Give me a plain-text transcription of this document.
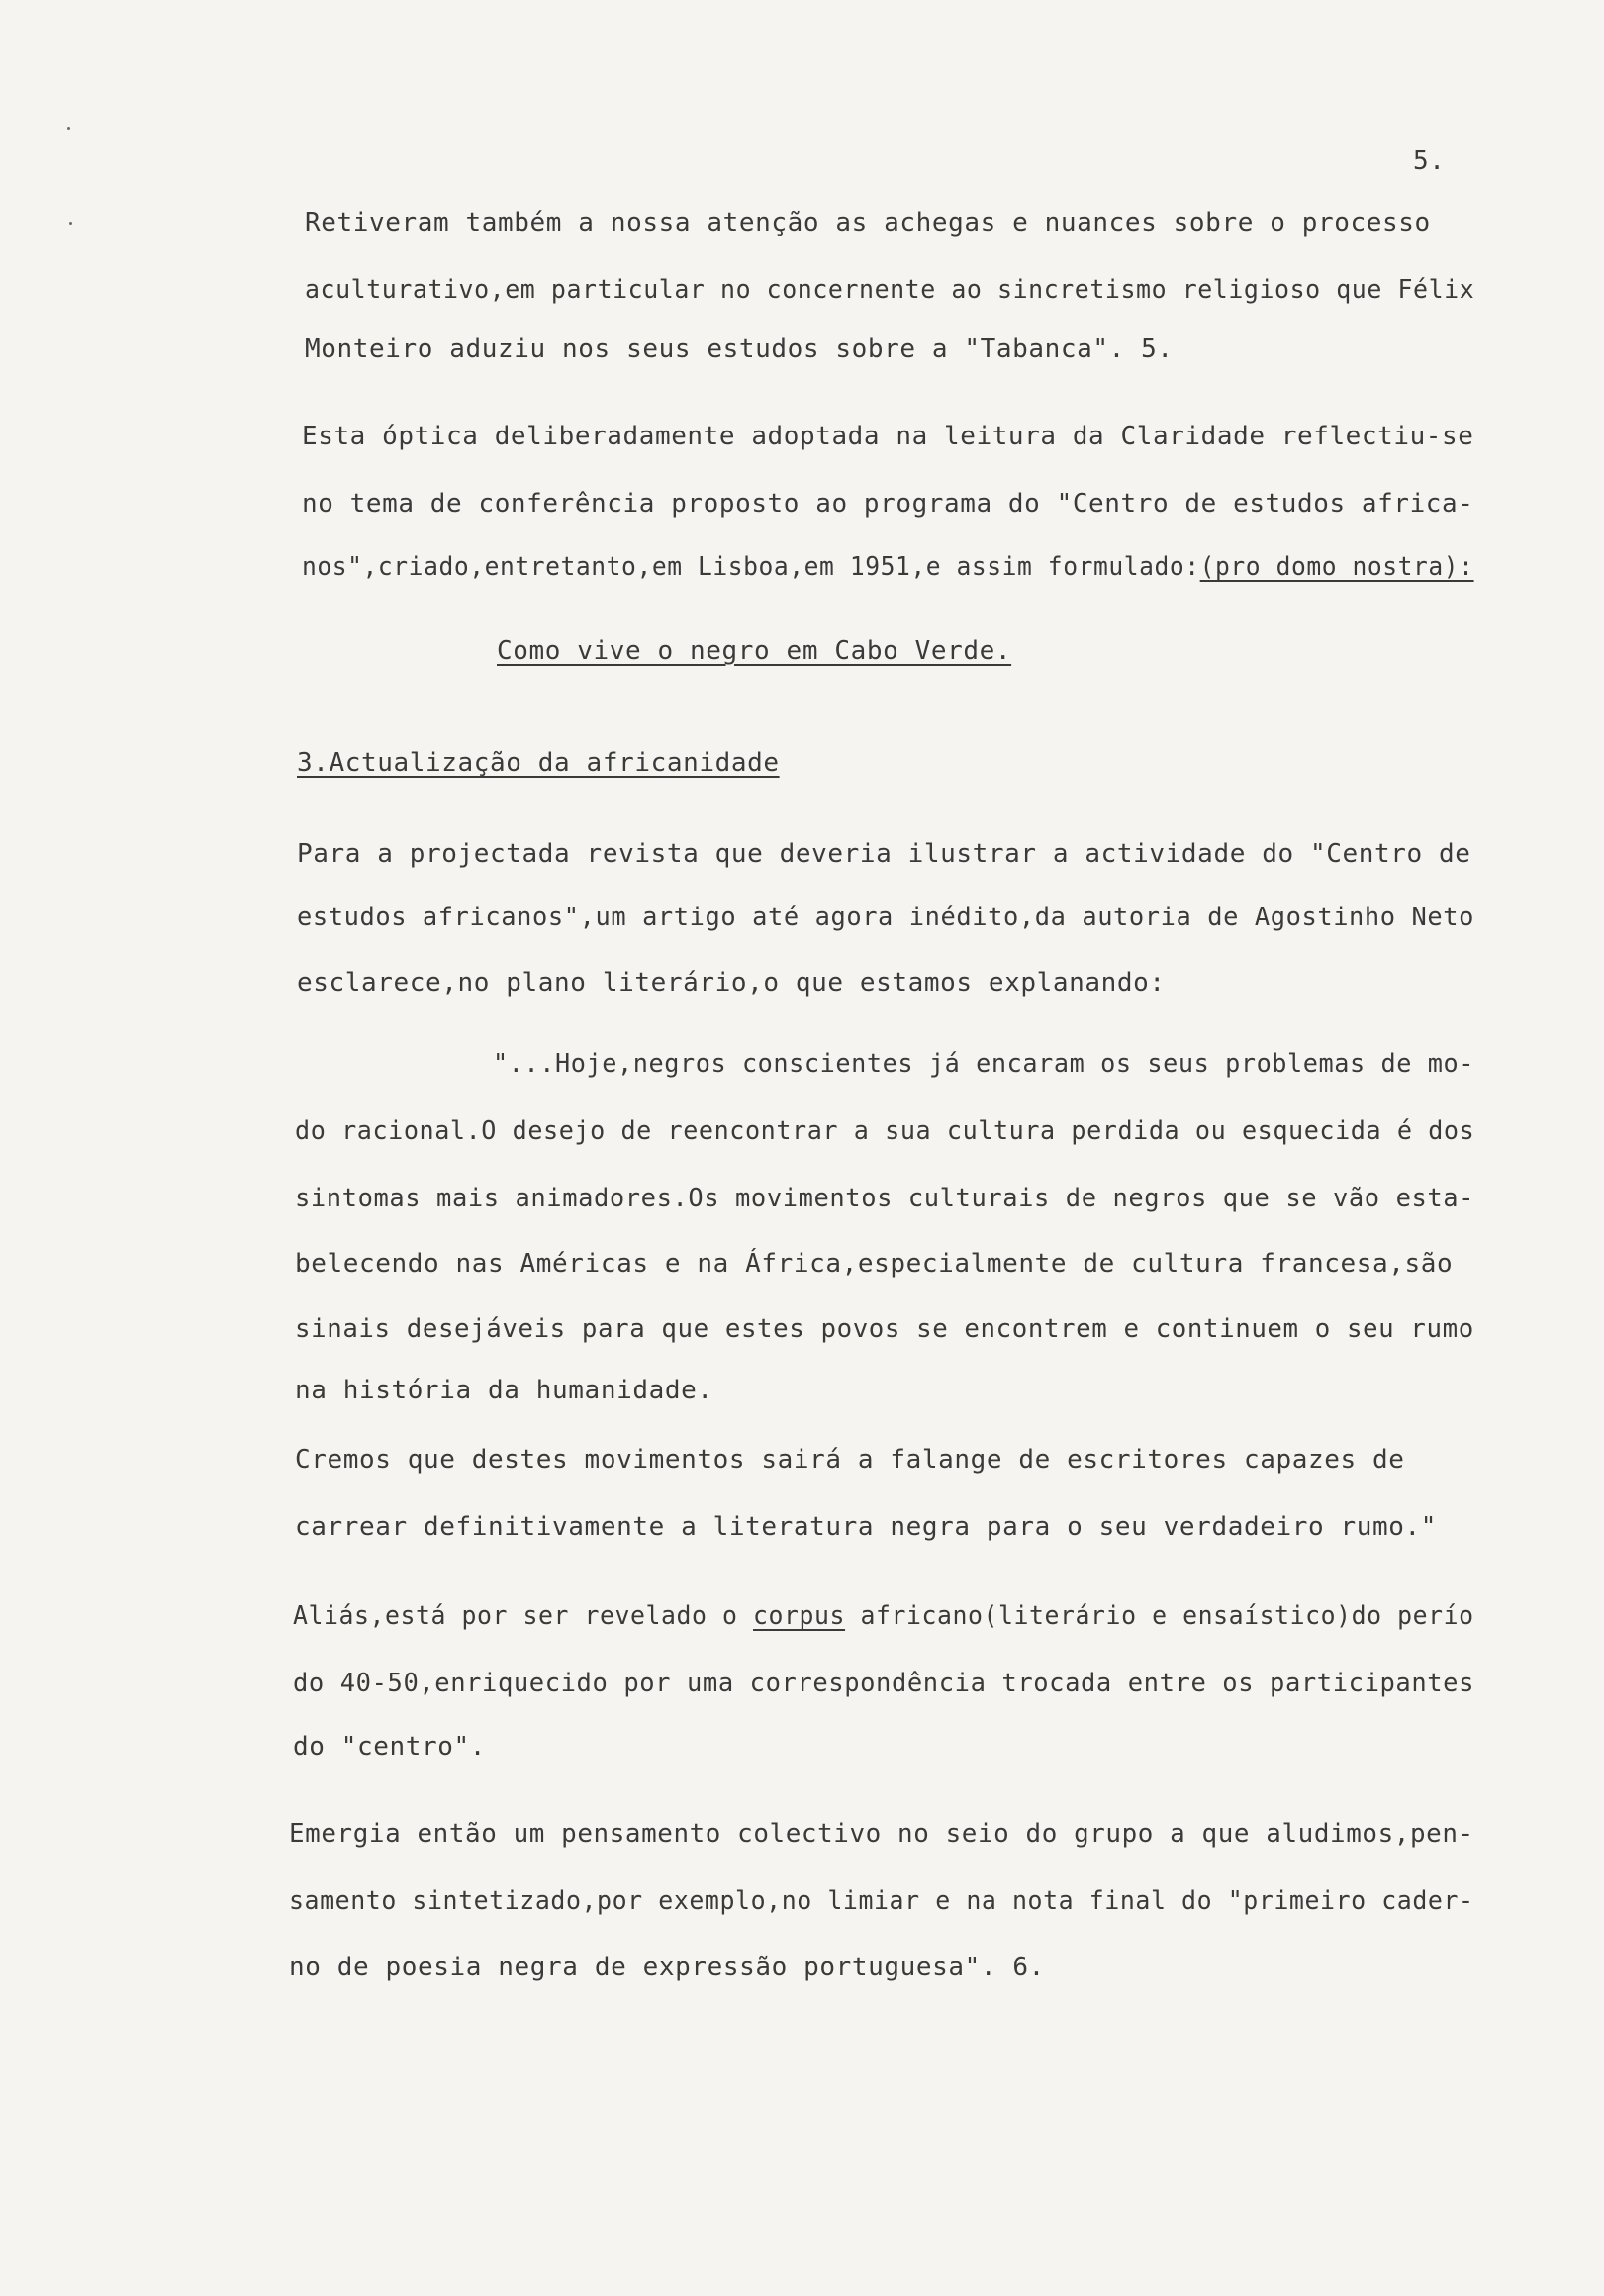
5.
Retiveram também a nossa atenção as achegas e nuances sobre o processo
aculturativo,em particular no concernente ao sincretismo religioso que Félix
Monteiro aduziu nos seus estudos sobre a "Tabanca". 5.
Esta óptica deliberadamente adoptada na leitura da Claridade reflectiu-se
no tema de conferência proposto ao programa do "Centro de estudos africa-
nos",criado,entretanto,em Lisboa,em 1951,e assim formulado:(pro domo nostra):
Como vive o negro em Cabo Verde.
3.Actualização da africanidade
Para a projectada revista que deveria ilustrar a actividade do "Centro de
estudos africanos",um artigo até agora inédito,da autoria de Agostinho Neto
esclarece,no plano literário,o que estamos explanando:
"...Hoje,negros conscientes já encaram os seus problemas de mo-
do racional.O desejo de reencontrar a sua cultura perdida ou esquecida é dos
sintomas mais animadores.Os movimentos culturais de negros que se vão esta-
belecendo nas Américas e na África,especialmente de cultura francesa,são
sinais desejáveis para que estes povos se encontrem e continuem o seu rumo
na história da humanidade.
Cremos que destes movimentos sairá a falange de escritores capazes de
carrear definitivamente a literatura negra para o seu verdadeiro rumo."
Aliás,está por ser revelado o corpus africano(literário e ensaístico)do perío
do 40-50,enriquecido por uma correspondência trocada entre os participantes
do "centro".
Emergia então um pensamento colectivo no seio do grupo a que aludimos,pen-
samento sintetizado,por exemplo,no limiar e na nota final do "primeiro cader-
no de poesia negra de expressão portuguesa". 6.
